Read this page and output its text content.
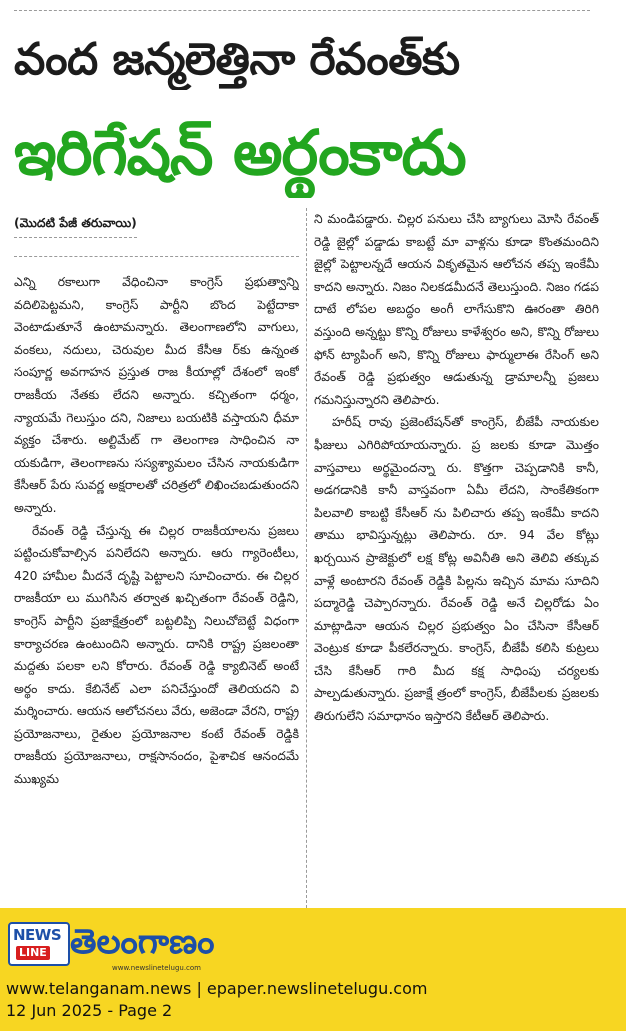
వంద జన్మలెత్తినా రేవంత్‌కు
ఇరిగేషన్ అర్థంకాదు
(మొదటి పేజీ తరువాయి)

ఎన్ని రకాలుగా వేధించినా కాంగ్రెస్ ప్రభుత్వాన్ని వదిలిపెట్టమని, కాంగ్రెస్ పార్టీని బొంద పెట్టేదాకా వెంటాడుతూనే ఉంటామన్నారు. తెలంగాణలోని వాగులు, వంకలు, నదులు, చెరువుల మీద కేసీఆ ర్‌కు ఉన్నంత సంపూర్ణ అవగాహన ప్రస్తుత రాజ కీయాల్లో దేశంలో ఇంకో రాజకీయ నేతకు లేదని అన్నారు. కచ్చితంగా ధర్మం, న్యాయమే గెలుస్తుం దని, నిజాలు బయటికి వస్తాయని ధీమా వ్యక్తం చేశారు. అల్టిమేట్ గా తెలంగాణ సాధించిన నా యకుడిగా, తెలంగాణను సస్యశ్యామలం చేసిన నాయకుడిగా కేసీఆర్ పేరు సువర్ణ అక్షరాలతో చరిత్రలో లిఖించబడుతుందని అన్నారు.

రేవంత్ రెడ్డి చేస్తున్న ఈ చిల్లర రాజకీయాలను ప్రజలు పట్టించుకోవాల్సిన పనిలేదని అన్నారు. ఆరు గ్యారెంటీలు, 420 హామీల మీదనే దృష్టి పెట్టాలని సూచించారు. ఈ చిల్లర రాజకీయా లు ముగిసిన తర్వాత ఖచ్చితంగా రేవంత్ రెడ్డిని, కాంగ్రెస్ పార్టీని ప్రజాక్షేత్రంలో బట్టలిప్పి నిలుచోబెట్టే విధంగా కార్యాచరణ ఉంటుందిని అన్నారు. దానికి రాష్ట్ర ప్రజలంతా మద్దతు పలకా లని కోరారు. రేవంత్ రెడ్డి క్యాబినెట్ అంటే అర్థం కాదు. కేబినేట్ ఎలా పనిచేస్తుందో తెలియదని వి మర్శించారు. ఆయన ఆలోచనలు వేరు, అజెండా వేరని, రాష్ట్ర ప్రయోజనాలు, రైతుల ప్రయోజనాల కంటే రేవంత్ రెడ్డికి రాజకీయ ప్రయోజనాలు, రాక్షసానందం, పైశాచిక ఆనందమే ముఖ్యమ

ని మండిపడ్డారు. చిల్లర పనులు చేసి బ్యాగులు మోసి రేవంత్ రెడ్డి జైల్లో పడ్డాడు కాబట్టే మా వాళ్లను కూడా కొంతమందిని జైల్లో పెట్టాలన్నదే ఆయన వికృతమైన ఆలోచన తప్ప ఇంకేమీ కాదని అన్నారు. నిజం నిలకడమీదనే తెలుస్తుంది. నిజం గడప దాటే లోపల అబద్ధం అంగీ లాగేసుకొని ఊరంతా తిరిగి వస్తుంది అన్నట్టు కొన్ని రోజులు కాళేశ్వరం అని, కొన్ని రోజులు ఫోన్ ట్యాపింగ్ అని, కొన్ని రోజులు ఫార్ములాఈ రేసింగ్ అని రేవంత్ రెడ్డి ప్రభుత్వం ఆడుతున్న డ్రామాలన్నీ ప్రజలు గమనిస్తున్నారని తెలిపారు.

హరీష్ రావు ప్రజెంటేషన్‌తో కాంగ్రెస్, బీజేపీ నాయకుల ఫీజులు ఎగిరిపోయాయన్నారు. ప్ర జలకు కూడా మొత్తం వాస్తవాలు అర్థమైందన్నా రు. కొత్తగా చెప్పడానికి కానీ, అడగడానికి కానీ వాస్తవంగా ఏమీ లేదని, సాంకేతికంగా పిలవాలి కాబట్టి కేసీఆర్ ను పిలిచారు తప్ప ఇంకేమీ కాదని తాము భావిస్తున్నట్లు తెలిపారు. రూ. 94 వేల కోట్లు ఖర్చయిన ప్రాజెక్టులో లక్ష కోట్ల అవినీతి అని తెలివి తక్కువ వాళ్లే అంటారని రేవంత్ రెడ్డికి పిల్లను ఇచ్చిన మామ సూదిని పద్మారెడ్డి చెప్పారన్నారు. రేవంత్ రెడ్డి అనే చిల్లరోడు ఏం మాట్లాడినా ఆయన చిల్లర ప్రభుత్వం ఏం చేసినా కేసీఆర్ వెంట్రుక కూడా పీకలేరన్నారు. కాంగ్రెస్, బీజేపీ కలిసి కుట్రలు చేసి కేసీఆర్ గారి మీద కక్ష సాధింపు చర్యలకు పాల్పడుతున్నారు. ప్రజాక్షే త్రంలో కాంగ్రెస్, బీజేపీలకు ప్రజలకు తిరుగులేని సమాధానం ఇస్తారని కేటీఆర్ తెలిపారు.

NEWS
LINE తెలంగాణం
www.newslinetelugu.com
www.telanganam.news | epaper.newslinetelugu.com
12 Jun 2025 - Page 2
